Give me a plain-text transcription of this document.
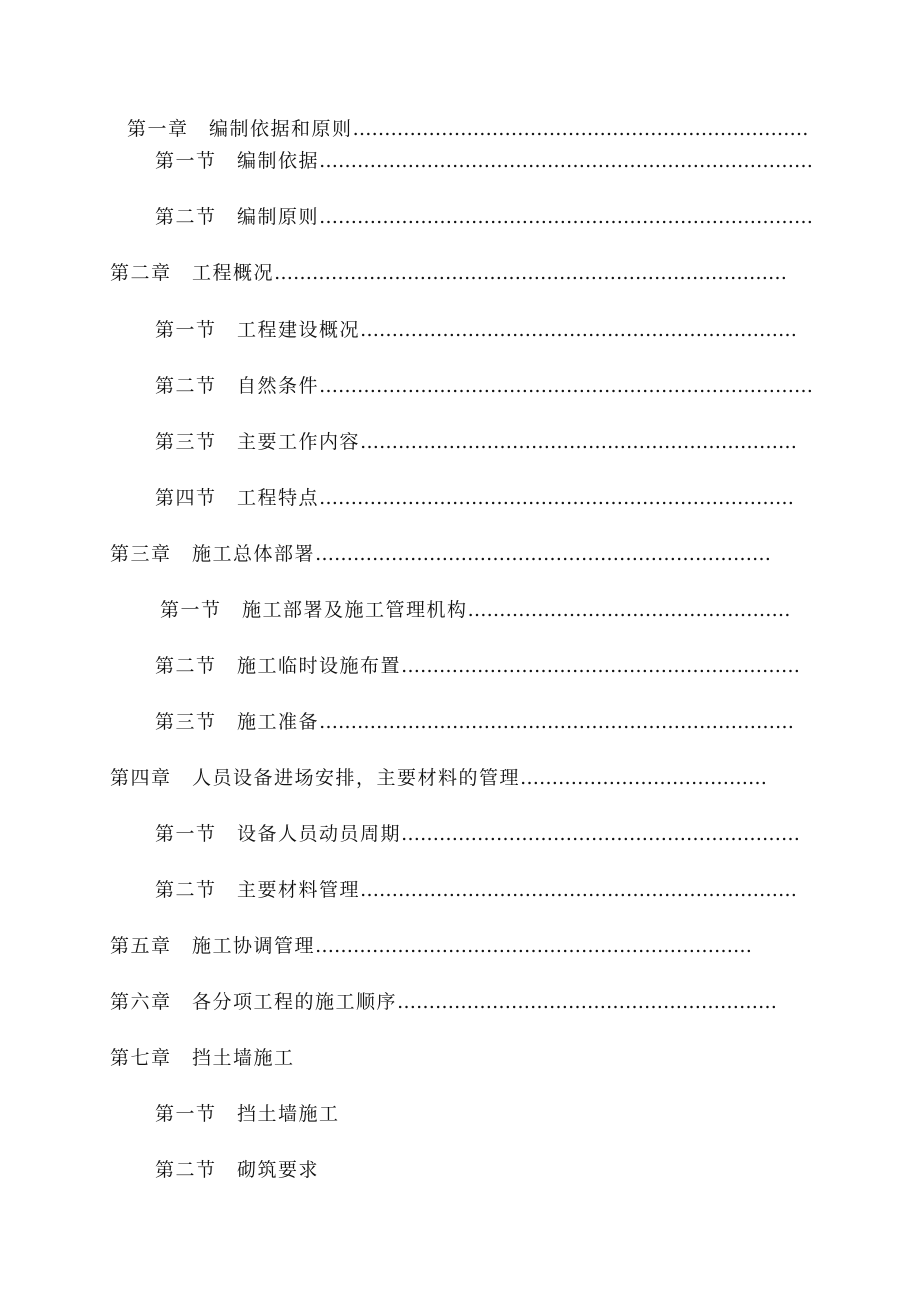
第一章　 编制依据和原则………………………………………………………………
第一节　 编制依据……………………………………………………………………
第二节　 编制原则……………………………………………………………………
第二章　 工程概况………………………………………………………………………
第一节　 工程建设概况……………………………………………………………
第二节　 自然条件……………………………………………………………………
第三节　 主要工作内容……………………………………………………………
第四节　 工程特点…………………………………………………………………
第三章　 施工总体部署………………………………………………………………
第一节　 施工部署及施工管理机构……………………………………………
第二节　 施工临时设施布置………………………………………………………
第三节　 施工准备…………………………………………………………………
第四章　 人员设备进场安排，主要材料的管理…………………………………
第一节　 设备人员动员周期………………………………………………………
第二节　 主要材料管理……………………………………………………………
第五章　 施工协调管理……………………………………………………………
第六章　 各分项工程的施工顺序……………………………………………………
第七章　 挡土墙施工
第一节　 挡土墙施工
第二节　 砌筑要求
